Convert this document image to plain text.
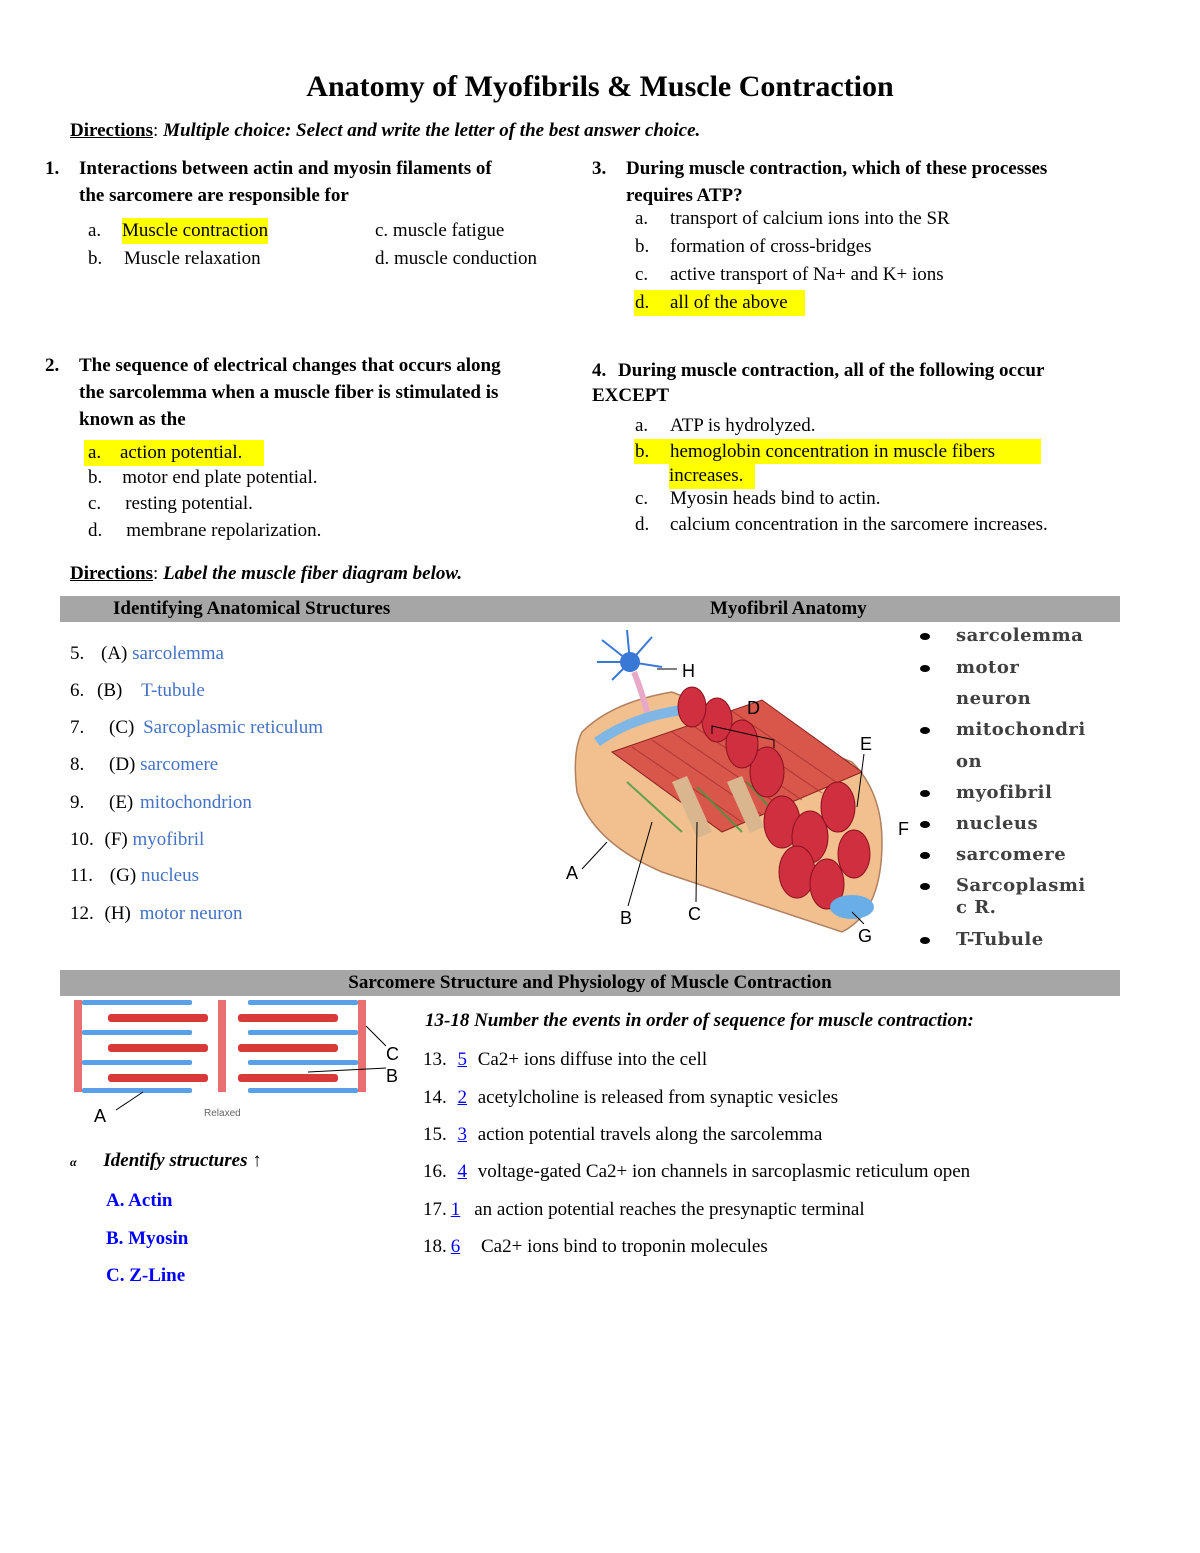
Anatomy of Myofibrils & Muscle Contraction
Directions: Multiple choice: Select and write the letter of the best answer choice.
1. Interactions between actin and myosin filaments of
the sarcomere are responsible for
a. Muscle contraction
b. Muscle relaxation
c. muscle fatigue
d. muscle conduction
2. The sequence of electrical changes that occurs along
the sarcolemma when a muscle fiber is stimulated is
known as the
a. action potential.
b. motor end plate potential.
c. resting potential.
d. membrane repolarization.
3. During muscle contraction, which of these processes
requires ATP?
a. transport of calcium ions into the SR
b. formation of cross-bridges
c. active transport of Na+ and K+ ions
d. all of the above
4. During muscle contraction, all of the following occur
EXCEPT
a. ATP is hydrolyzed.
b. hemoglobin concentration in muscle fibers
increases.
c. Myosin heads bind to actin.
d. calcium concentration in the sarcomere increases.
Directions: Label the muscle fiber diagram below.
Identifying Anatomical Structures	Myofibril Anatomy
5. (A) sarcolemma
6. (B) T-tubule
7. (C) Sarcoplasmic reticulum
8. (D) sarcomere
9. (E) mitochondrion
10. (F) myofibril
11. (G) nucleus
12. (H) motor neuron
H
D
E
F
A
B	C
G
sarcolemma
motor
neuron
mitochondri
on
myofibril
nucleus
sarcomere
Sarcoplasmi
c R.
T-Tubule
Sarcomere Structure and Physiology of Muscle Contraction
C
B
A	Relaxed
α Identify structures ↑
A. Actin
B. Myosin
C. Z-Line
13-18 Number the events in order of sequence for muscle contraction:
13. 5 Ca2+ ions diffuse into the cell
14. 2 acetylcholine is released from synaptic vesicles
15. 3 action potential travels along the sarcolemma
16. 4 voltage-gated Ca2+ ion channels in sarcoplasmic reticulum open
17. 1 an action potential reaches the presynaptic terminal
18. 6 Ca2+ ions bind to troponin molecules
